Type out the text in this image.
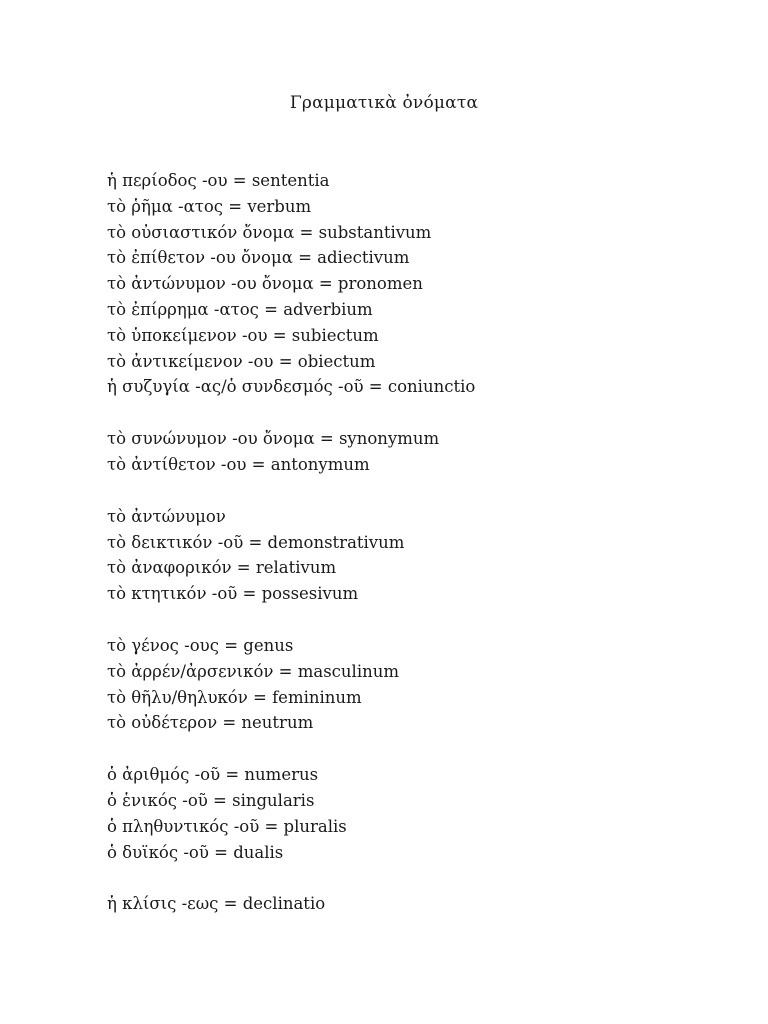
Γραμματικὰ ὀνόματα
ἡ περίοδος -ου = sententia
τὸ ῥῆμα -ατος = verbum
τὸ οὐσιαστικόν ὄνομα = substantivum
τὸ ἐπίθετον -ου ὄνομα = adiectivum
τὸ ἀντώνυμον -ου ὄνομα = pronomen
τὸ ἐπίρρημα -ατος = adverbium
τὸ ὑποκείμενον -ου = subiectum
τὸ ἀντικείμενον -ου = obiectum
ἡ συζυγία -ας/ὁ συνδεσμός -οῦ = coniunctio
τὸ συνώνυμον -ου ὄνομα = synonymum
τὸ ἀντίθετον -ου = antonymum
τὸ ἀντώνυμον
τὸ δεικτικόν -οῦ = demonstrativum
τὸ ἀναφορικόν = relativum
τὸ κτητικόν -οῦ = possesivum
τὸ γένος -ους = genus
τὸ ἀρρέν/ἀρσενικόν = masculinum
τὸ θῆλυ/θηλυκόν = femininum
τὸ οὐδέτερον = neutrum
ὁ ἀριθμός -οῦ = numerus
ὁ ἑνικός -οῦ = singularis
ὁ πληθυντικός -οῦ = pluralis
ὁ δυϊκός -οῦ = dualis
ἡ κλίσις -εως = declinatio
